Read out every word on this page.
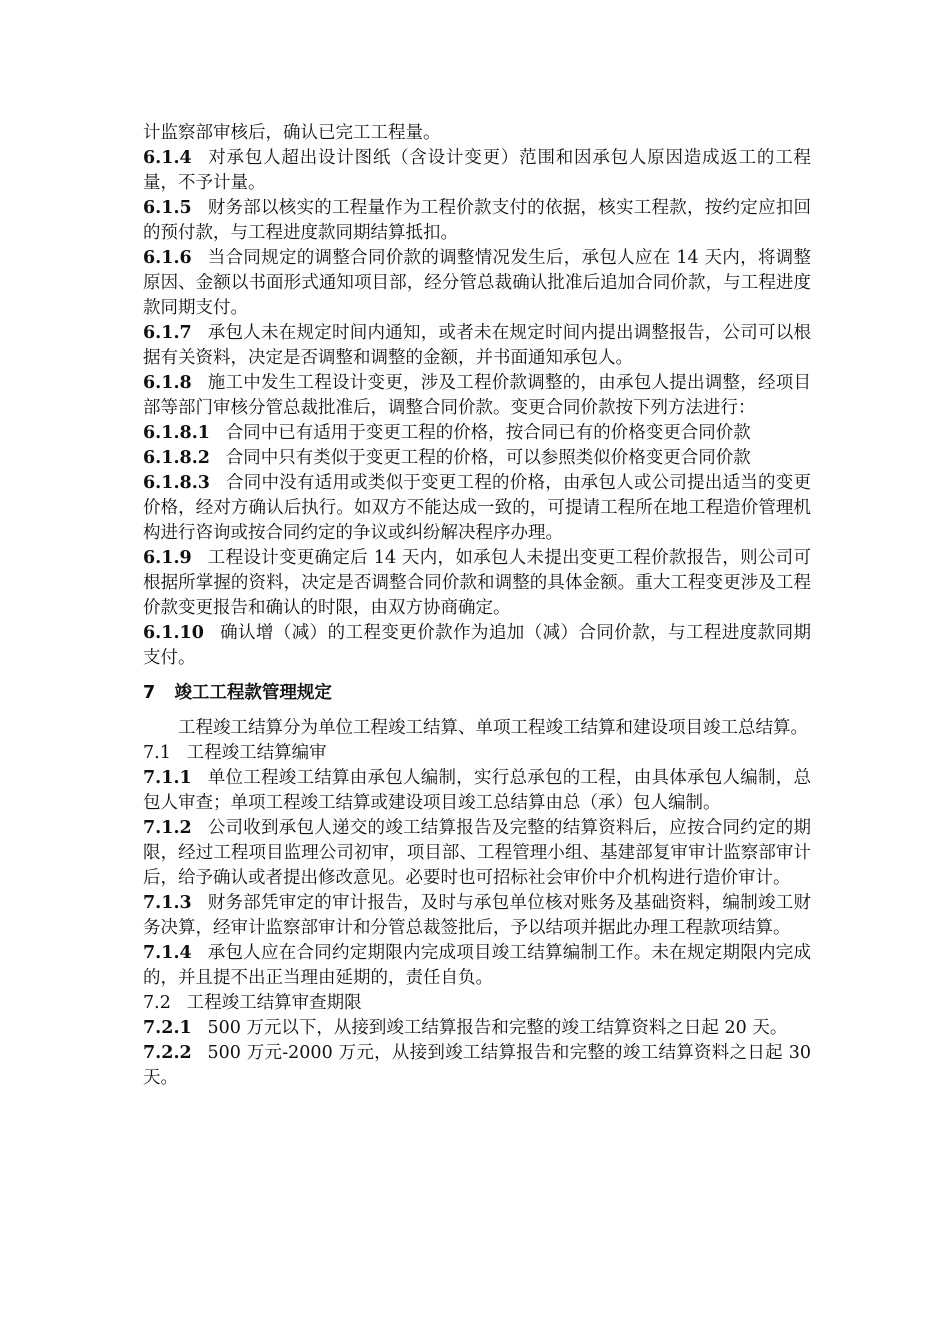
计监察部审核后，确认已完工工程量。

6.1.4 对承包人超出设计图纸（含设计变更）范围和因承包人原因造成返工的工程量，不予计量。

6.1.5 财务部以核实的工程量作为工程价款支付的依据，核实工程款，按约定应扣回的预付款，与工程进度款同期结算抵扣。

6.1.6 当合同规定的调整合同价款的调整情况发生后，承包人应在 14 天内，将调整原因、金额以书面形式通知项目部，经分管总裁确认批准后追加合同价款，与工程进度款同期支付。

6.1.7 承包人未在规定时间内通知，或者未在规定时间内提出调整报告，公司可以根据有关资料，决定是否调整和调整的金额，并书面通知承包人。

6.1.8 施工中发生工程设计变更，涉及工程价款调整的，由承包人提出调整，经项目部等部门审核分管总裁批准后，调整合同价款。变更合同价款按下列方法进行：

6.1.8.1 合同中已有适用于变更工程的价格，按合同已有的价格变更合同价款

6.1.8.2 合同中只有类似于变更工程的价格，可以参照类似价格变更合同价款

6.1.8.3 合同中没有适用或类似于变更工程的价格，由承包人或公司提出适当的变更价格，经对方确认后执行。如双方不能达成一致的，可提请工程所在地工程造价管理机构进行咨询或按合同约定的争议或纠纷解决程序办理。

6.1.9 工程设计变更确定后 14 天内，如承包人未提出变更工程价款报告，则公司可根据所掌握的资料，决定是否调整合同价款和调整的具体金额。重大工程变更涉及工程价款变更报告和确认的时限，由双方协商确定。

6.1.10 确认增（减）的工程变更价款作为追加（减）合同价款，与工程进度款同期支付。

7 竣工工程款管理规定

工程竣工结算分为单位工程竣工结算、单项工程竣工结算和建设项目竣工总结算。

7.1 工程竣工结算编审

7.1.1 单位工程竣工结算由承包人编制，实行总承包的工程，由具体承包人编制，总包人审查；单项工程竣工结算或建设项目竣工总结算由总（承）包人编制。

7.1.2 公司收到承包人递交的竣工结算报告及完整的结算资料后，应按合同约定的期限，经过工程项目监理公司初审，项目部、工程管理小组、基建部复审审计监察部审计后，给予确认或者提出修改意见。必要时也可招标社会审价中介机构进行造价审计。

7.1.3 财务部凭审定的审计报告，及时与承包单位核对账务及基础资料，编制竣工财务决算，经审计监察部审计和分管总裁签批后，予以结项并据此办理工程款项结算。

7.1.4 承包人应在合同约定期限内完成项目竣工结算编制工作。未在规定期限内完成的，并且提不出正当理由延期的，责任自负。

7.2 工程竣工结算审查期限

7.2.1 500 万元以下，从接到竣工结算报告和完整的竣工结算资料之日起 20 天。

7.2.2 500 万元-2000 万元，从接到竣工结算报告和完整的竣工结算资料之日起 30 天。
